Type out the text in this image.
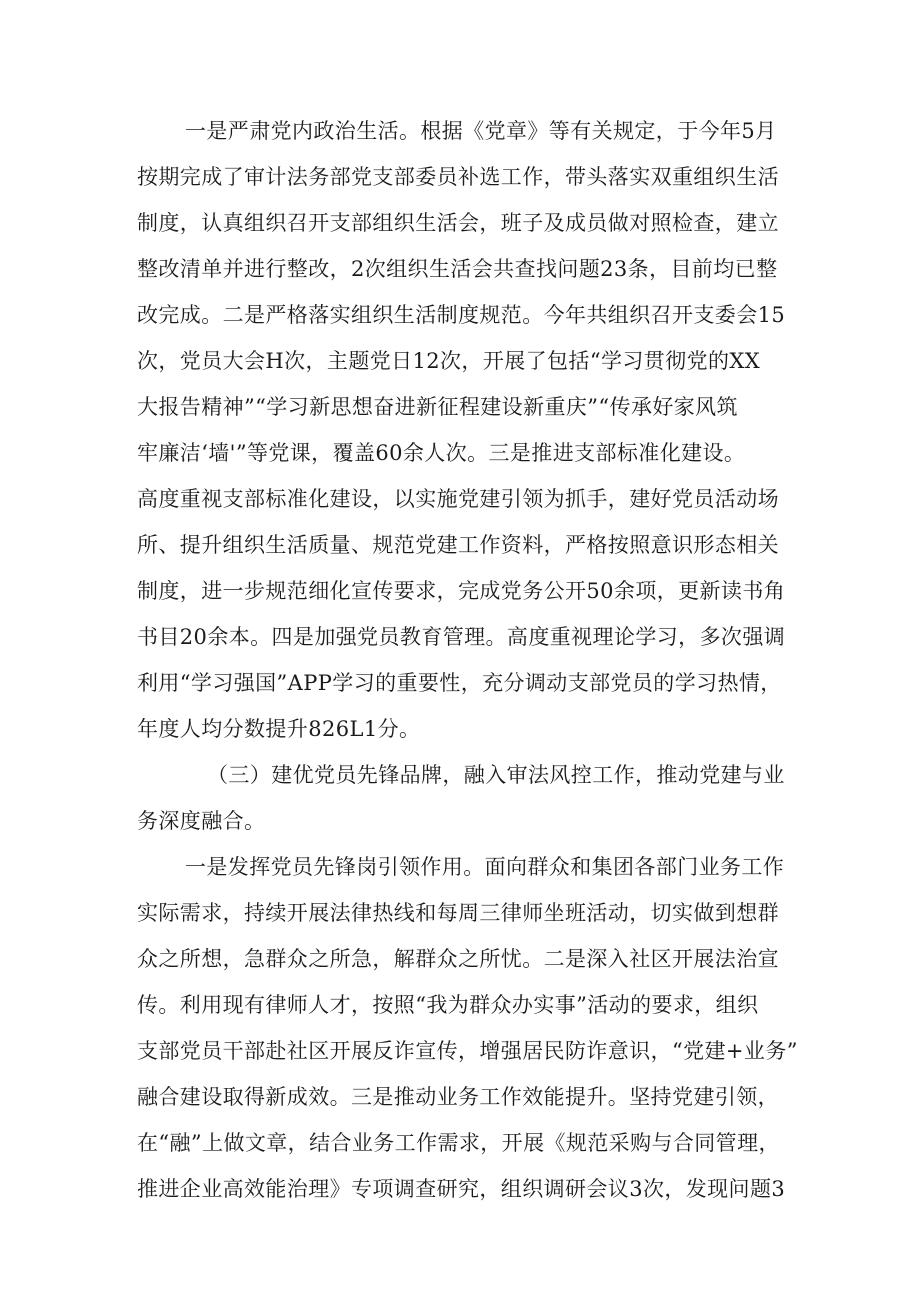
一是严肃党内政治生活。根据《党章》等有关规定，于今年5月
按期完成了审计法务部党支部委员补选工作，带头落实双重组织生活
制度，认真组织召开支部组织生活会，班子及成员做对照检查，建立
整改清单并进行整改，2次组织生活会共查找问题23条，目前均已整
改完成。二是严格落实组织生活制度规范。今年共组织召开支委会15
次，党员大会H次，主题党日12次，开展了包括“学习贯彻党的XX
大报告精神”“学习新思想奋进新征程建设新重庆”“传承好家风筑
牢廉洁‘墙'”等党课，覆盖60余人次。三是推进支部标准化建设。
高度重视支部标准化建设，以实施党建引领为抓手，建好党员活动场
所、提升组织生活质量、规范党建工作资料，严格按照意识形态相关
制度，进一步规范细化宣传要求，完成党务公开50余项，更新读书角
书目20余本。四是加强党员教育管理。高度重视理论学习，多次强调
利用“学习强国”APP学习的重要性，充分调动支部党员的学习热情，
年度人均分数提升826L1分。
（三）建优党员先锋品牌，融入审法风控工作，推动党建与业
务深度融合。
一是发挥党员先锋岗引领作用。面向群众和集团各部门业务工作
实际需求，持续开展法律热线和每周三律师坐班活动，切实做到想群
众之所想，急群众之所急，解群众之所忧。二是深入社区开展法治宣
传。利用现有律师人才，按照“我为群众办实事”活动的要求，组织
支部党员干部赴社区开展反诈宣传，增强居民防诈意识，“党建+业务”
融合建设取得新成效。三是推动业务工作效能提升。坚持党建引领，
在“融”上做文章，结合业务工作需求，开展《规范采购与合同管理，
推进企业高效能治理》专项调查研究，组织调研会议3次，发现问题3
